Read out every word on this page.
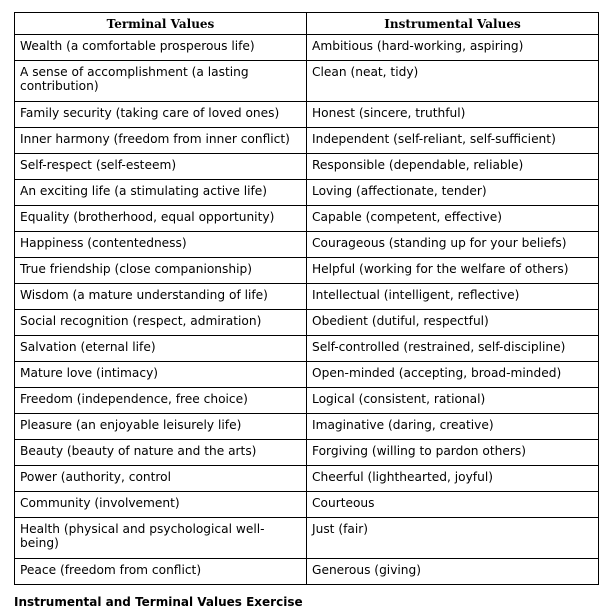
Terminal Values	Instrumental Values
Wealth (a comfortable prosperous life)	Ambitious (hard-working, aspiring)
A sense of accomplishment (a lasting contribution)	Clean (neat, tidy)
Family security (taking care of loved ones)	Honest (sincere, truthful)
Inner harmony (freedom from inner conflict)	Independent (self-reliant, self-sufficient)
Self-respect (self-esteem)	Responsible (dependable, reliable)
An exciting life (a stimulating active life)	Loving (affectionate, tender)
Equality (brotherhood, equal opportunity)	Capable (competent, effective)
Happiness (contentedness)	Courageous (standing up for your beliefs)
True friendship (close companionship)	Helpful (working for the welfare of others)
Wisdom (a mature understanding of life)	Intellectual (intelligent, reflective)
Social recognition (respect, admiration)	Obedient (dutiful, respectful)
Salvation (eternal life)	Self-controlled (restrained, self-discipline)
Mature love (intimacy)	Open-minded (accepting, broad-minded)
Freedom (independence, free choice)	Logical (consistent, rational)
Pleasure (an enjoyable leisurely life)	Imaginative (daring, creative)
Beauty (beauty of nature and the arts)	Forgiving (willing to pardon others)
Power (authority, control	Cheerful (lighthearted, joyful)
Community (involvement)	Courteous
Health (physical and psychological well-being)	Just (fair)
Peace (freedom from conflict)	Generous (giving)
Instrumental and Terminal Values Exercise
